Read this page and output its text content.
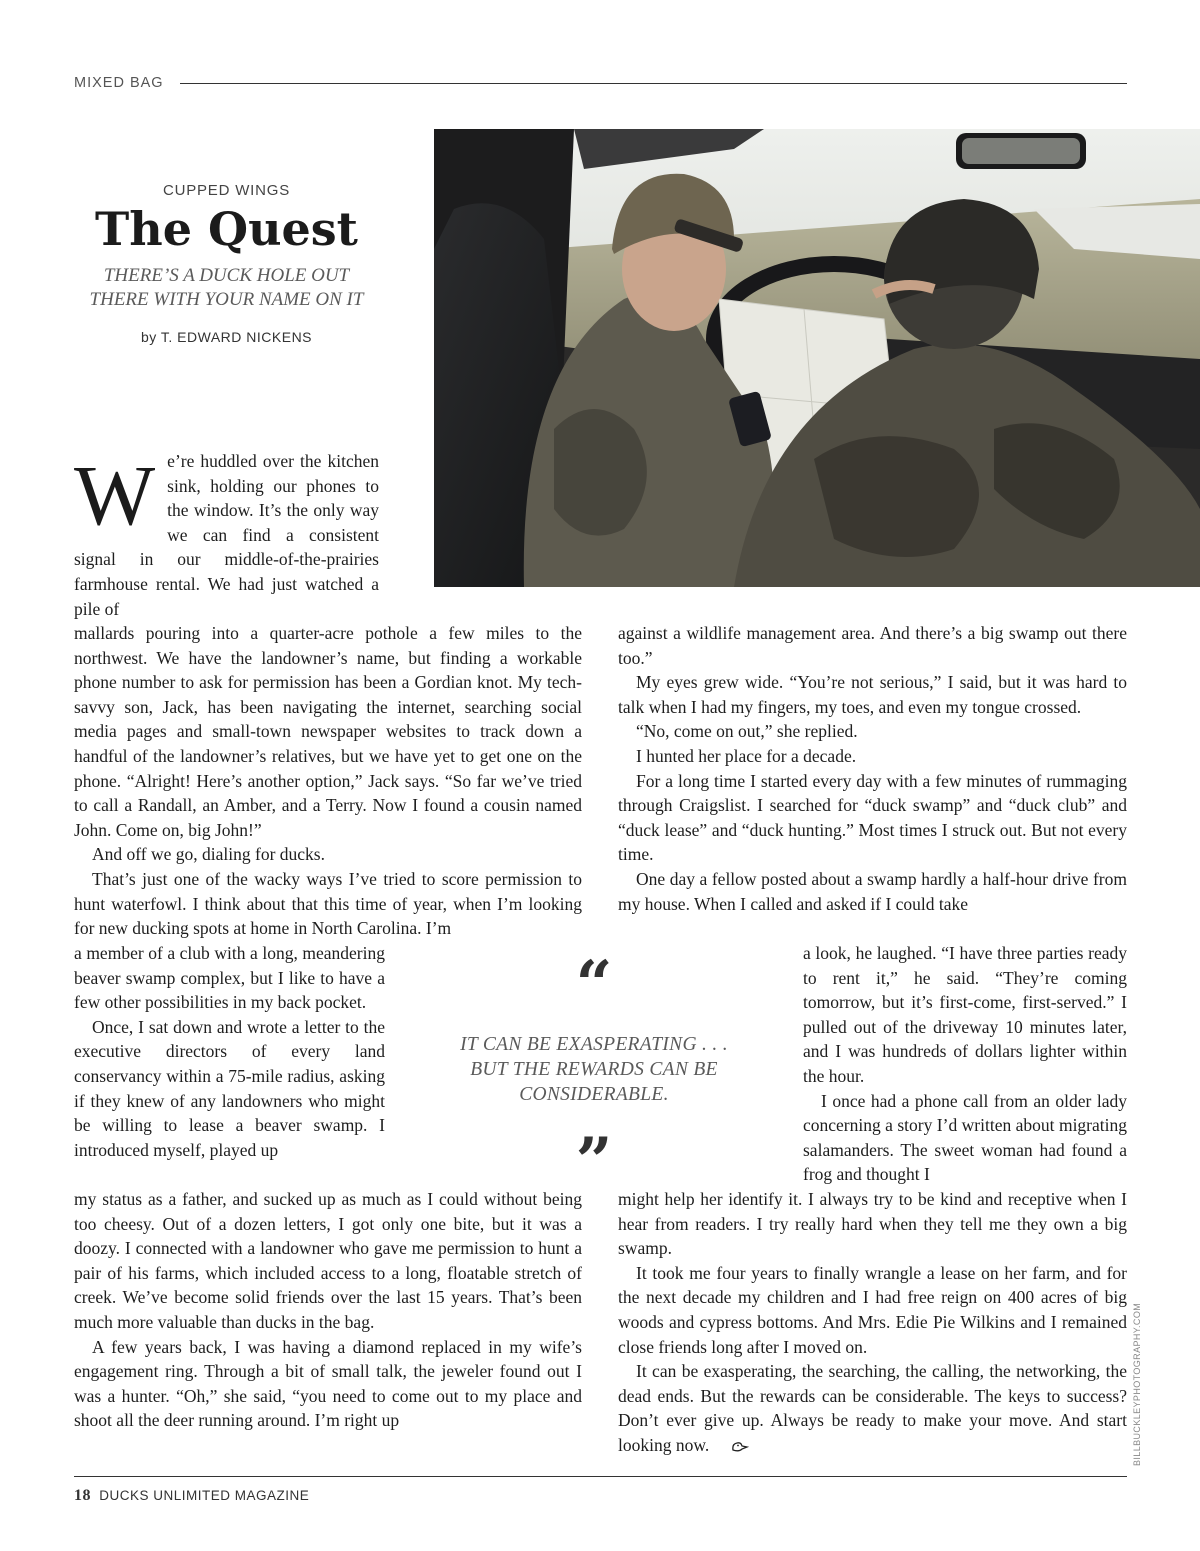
MIXED BAG
CUPPED WINGS
The Quest
THERE’S A DUCK HOLE OUT THERE WITH YOUR NAME ON IT
by T. EDWARD NICKENS
BILLBUCKLEYPHOTOGRAPHY.COM
W e’re huddled over the kitchen sink, holding our phones to the window. It’s the only way we can find a consistent signal in our middle-of-the-prairies farmhouse rental. We had just watched a pile of

mallards pouring into a quarter-acre pothole a few miles to the northwest. We have the landowner’s name, but finding a workable phone number to ask for permission has been a Gordian knot. My tech-savvy son, Jack, has been navigating the internet, searching social media pages and small-town newspaper websites to track down a handful of the landowner’s relatives, but we have yet to get one on the phone. “Alright! Here’s another option,” Jack says. “So far we’ve tried to call a Randall, an Amber, and a Terry. Now I found a cousin named John. Come on, big John!”

And off we go, dialing for ducks.

That’s just one of the wacky ways I’ve tried to score permission to hunt waterfowl. I think about that this time of year, when I’m looking for new ducking spots at home in North Carolina. I’m

a member of a club with a long, meandering beaver swamp complex, but I like to have a few other possibilities in my back pocket.

Once, I sat down and wrote a letter to the executive directors of every land conservancy within a 75-mile radius, asking if they knew of any landowners who might be willing to lease a beaver swamp. I introduced myself, played up

my status as a father, and sucked up as much as I could without being too cheesy. Out of a dozen letters, I got only one bite, but it was a doozy. I connected with a landowner who gave me permission to hunt a pair of his farms, which included access to a long, floatable stretch of creek. We’ve become solid friends over the last 15 years. That’s been much more valuable than ducks in the bag.

A few years back, I was having a diamond replaced in my wife’s engagement ring. Through a bit of small talk, the jeweler found out I was a hunter. “Oh,” she said, “you need to come out to my place and shoot all the deer running around. I’m right up

against a wildlife management area. And there’s a big swamp out there too.”

My eyes grew wide. “You’re not serious,” I said, but it was hard to talk when I had my fingers, my toes, and even my tongue crossed.

“No, come on out,” she replied.

I hunted her place for a decade.

For a long time I started every day with a few minutes of rummaging through Craigslist. I searched for “duck swamp” and “duck club” and “duck lease” and “duck hunting.” Most times I struck out. But not every time.

One day a fellow posted about a swamp hardly a half-hour drive from my house. When I called and asked if I could take

a look, he laughed. “I have three parties ready to rent it,” he said. “They’re coming tomorrow, but it’s first-come, first-served.” I pulled out of the driveway 10 minutes later, and I was hundreds of dollars lighter within the hour.

I once had a phone call from an older lady concerning a story I’d written about migrating salamanders. The sweet woman had found a frog and thought I

might help her identify it. I always try to be kind and receptive when I hear from readers. I try really hard when they tell me they own a big swamp.

It took me four years to finally wrangle a lease on her farm, and for the next decade my children and I had free reign on 400 acres of big woods and cypress bottoms. And Mrs. Edie Pie Wilkins and I remained close friends long after I moved on.

It can be exasperating, the searching, the calling, the networking, the dead ends. But the rewards can be considerable. The keys to success? Don’t ever give up. Always be ready to make your move. And start looking now.

“
IT CAN BE EXASPERATING . . . BUT THE REWARDS CAN BE CONSIDERABLE.
”
18 DUCKS UNLIMITED MAGAZINE
